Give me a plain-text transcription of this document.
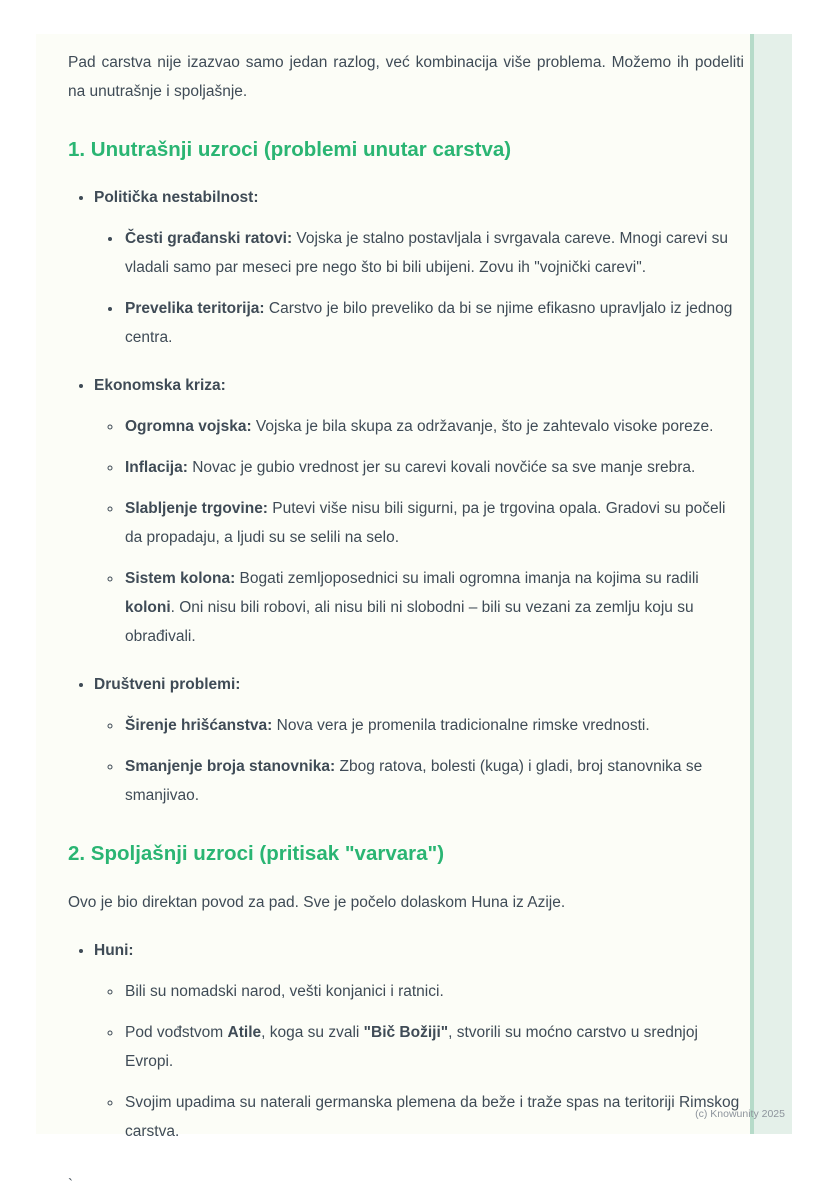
Pad carstva nije izazvao samo jedan razlog, već kombinacija više problema. Možemo ih podeliti na unutrašnje i spoljašnje.

1. Unutrašnji uzroci (problemi unutar carstva)
• Politička nestabilnost:
• Česti građanski ratovi: Vojska je stalno postavljala i svrgavala careve. Mnogi carevi su vladali samo par meseci pre nego što bi bili ubijeni. Zovu ih "vojnički carevi".
• Prevelika teritorija: Carstvo je bilo preveliko da bi se njime efikasno upravljalo iz jednog centra.
• Ekonomska kriza:
◦ Ogromna vojska: Vojska je bila skupa za održavanje, što je zahtevalo visoke poreze.
◦ Inflacija: Novac je gubio vrednost jer su carevi kovali novčiće sa sve manje srebra.
◦ Slabljenje trgovine: Putevi više nisu bili sigurni, pa je trgovina opala. Gradovi su počeli da propadaju, a ljudi su se selili na selo.
◦ Sistem kolona: Bogati zemljoposednici su imali ogromna imanja na kojima su radili koloni. Oni nisu bili robovi, ali nisu bili ni slobodni – bili su vezani za zemlju koju su obrađivali.
• Društveni problemi:
◦ Širenje hrišćanstva: Nova vera je promenila tradicionalne rimske vrednosti.
◦ Smanjenje broja stanovnika: Zbog ratova, bolesti (kuga) i gladi, broj stanovnika se smanjivao.
2. Spoljašnji uzroci (pritisak "varvara")

Ovo je bio direktan povod za pad. Sve je počelo dolaskom Huna iz Azije.

• Huni:
◦ Bili su nomadski narod, vešti konjanici i ratnici.
◦ Pod vođstvom Atile, koga su zvali "Bič Božiji", stvorili su moćno carstvo u srednjoj Evropi.
◦ Svojim upadima su naterali germanska plemena da beže i traže spas na teritoriji Rimskog carstva.

`

(c) Knowunity 2025
